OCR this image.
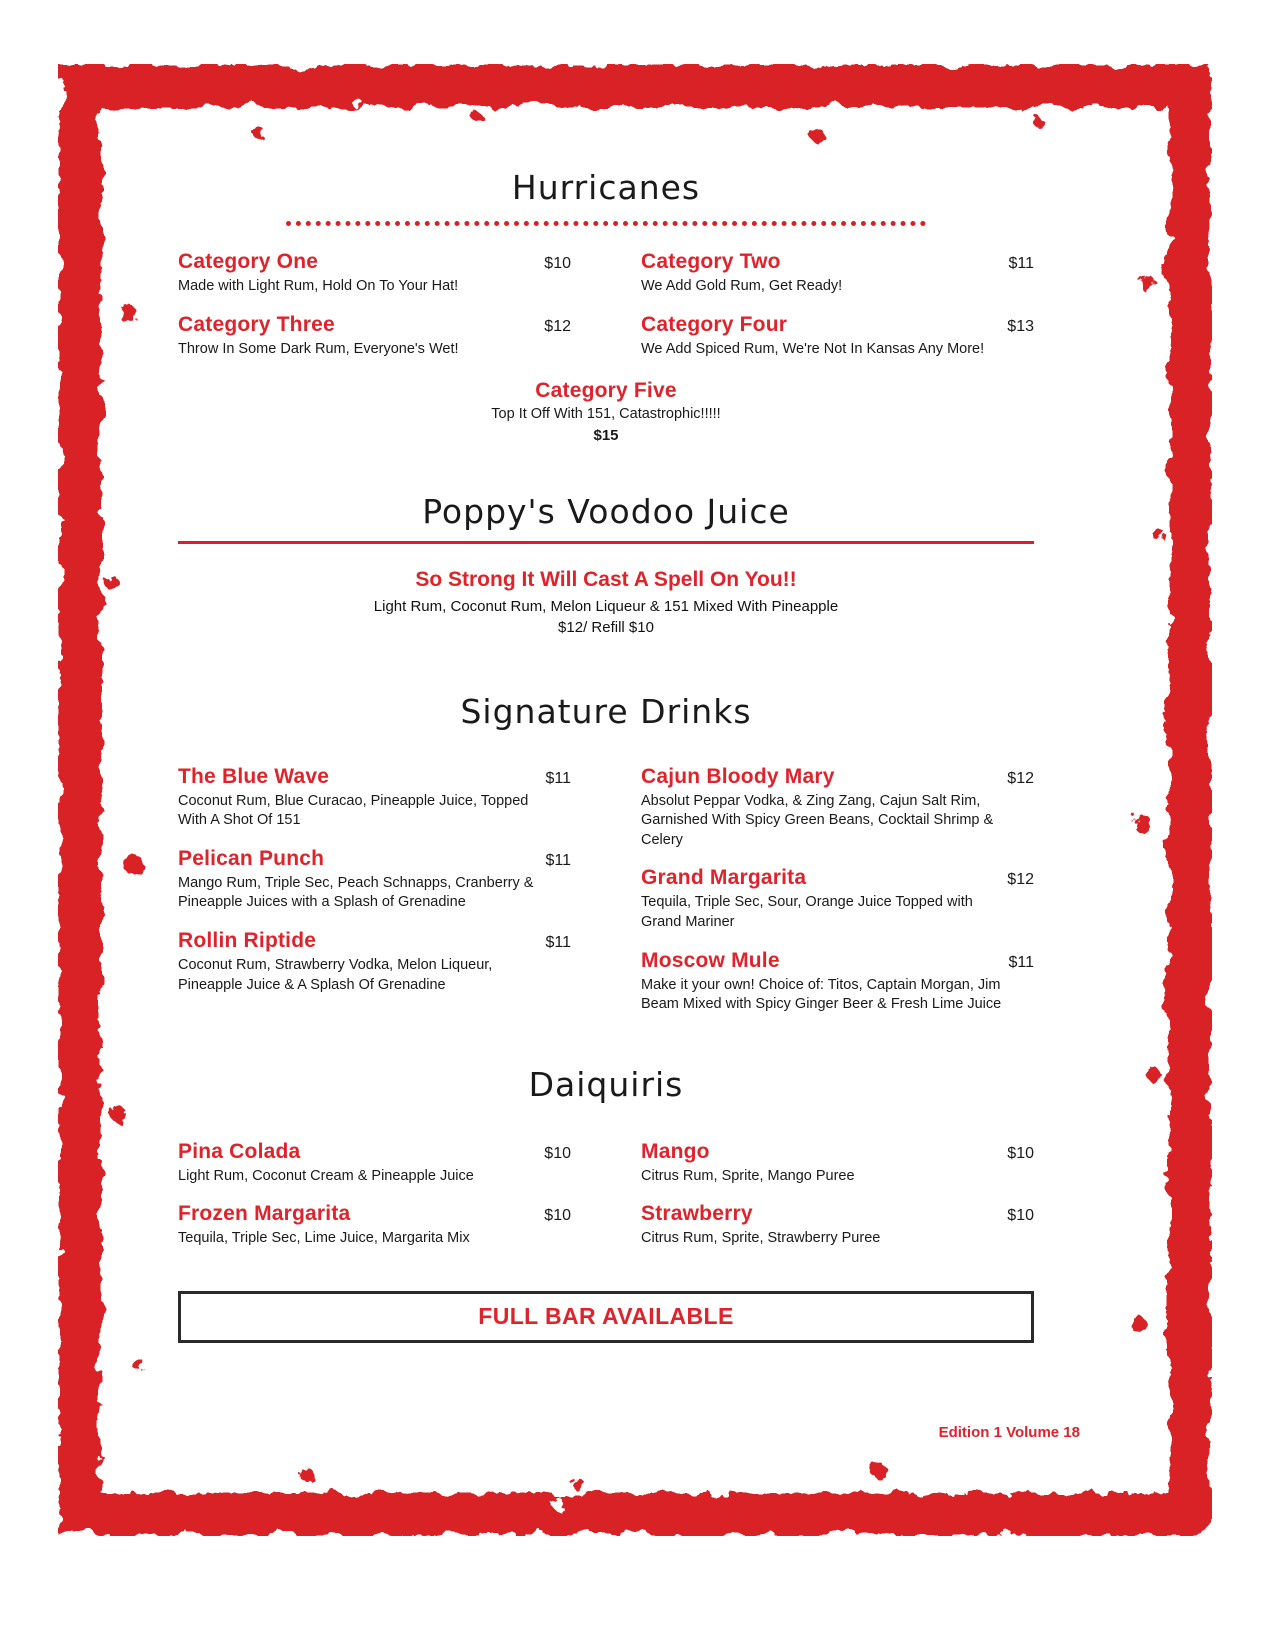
Hurricanes
Category One	$10
Made with Light Rum, Hold On To Your Hat!
Category Three	$12
Throw In Some Dark Rum, Everyone's Wet!
Category Two	$11
We Add Gold Rum, Get Ready!
Category Four	$13
We Add Spiced Rum, We're Not In Kansas Any More!
Category Five
Top It Off With 151, Catastrophic!!!!!
$15
Poppy's Voodoo Juice
So Strong It Will Cast A Spell On You!!
Light Rum, Coconut Rum, Melon Liqueur & 151 Mixed With Pineapple
$12/ Refill $10
Signature Drinks
The Blue Wave	$11
Coconut Rum, Blue Curacao, Pineapple Juice, Topped With A Shot Of 151
Pelican Punch	$11
Mango Rum, Triple Sec, Peach Schnapps, Cranberry & Pineapple Juices with a Splash of Grenadine
Rollin Riptide	$11
Coconut Rum, Strawberry Vodka, Melon Liqueur, Pineapple Juice & A Splash Of Grenadine
Cajun Bloody Mary	$12
Absolut Peppar Vodka, & Zing Zang, Cajun Salt Rim, Garnished With Spicy Green Beans, Cocktail Shrimp & Celery
Grand Margarita	$12
Tequila, Triple Sec, Sour, Orange Juice Topped with Grand Mariner
Moscow Mule	$11
Make it your own! Choice of: Titos, Captain Morgan, Jim Beam Mixed with Spicy Ginger Beer & Fresh Lime Juice
Daiquiris
Pina Colada	$10
Light Rum, Coconut Cream & Pineapple Juice
Frozen Margarita	$10
Tequila, Triple Sec, Lime Juice, Margarita Mix
Mango	$10
Citrus Rum, Sprite, Mango Puree
Strawberry	$10
Citrus Rum, Sprite, Strawberry Puree
FULL BAR AVAILABLE
Edition 1 Volume 18
